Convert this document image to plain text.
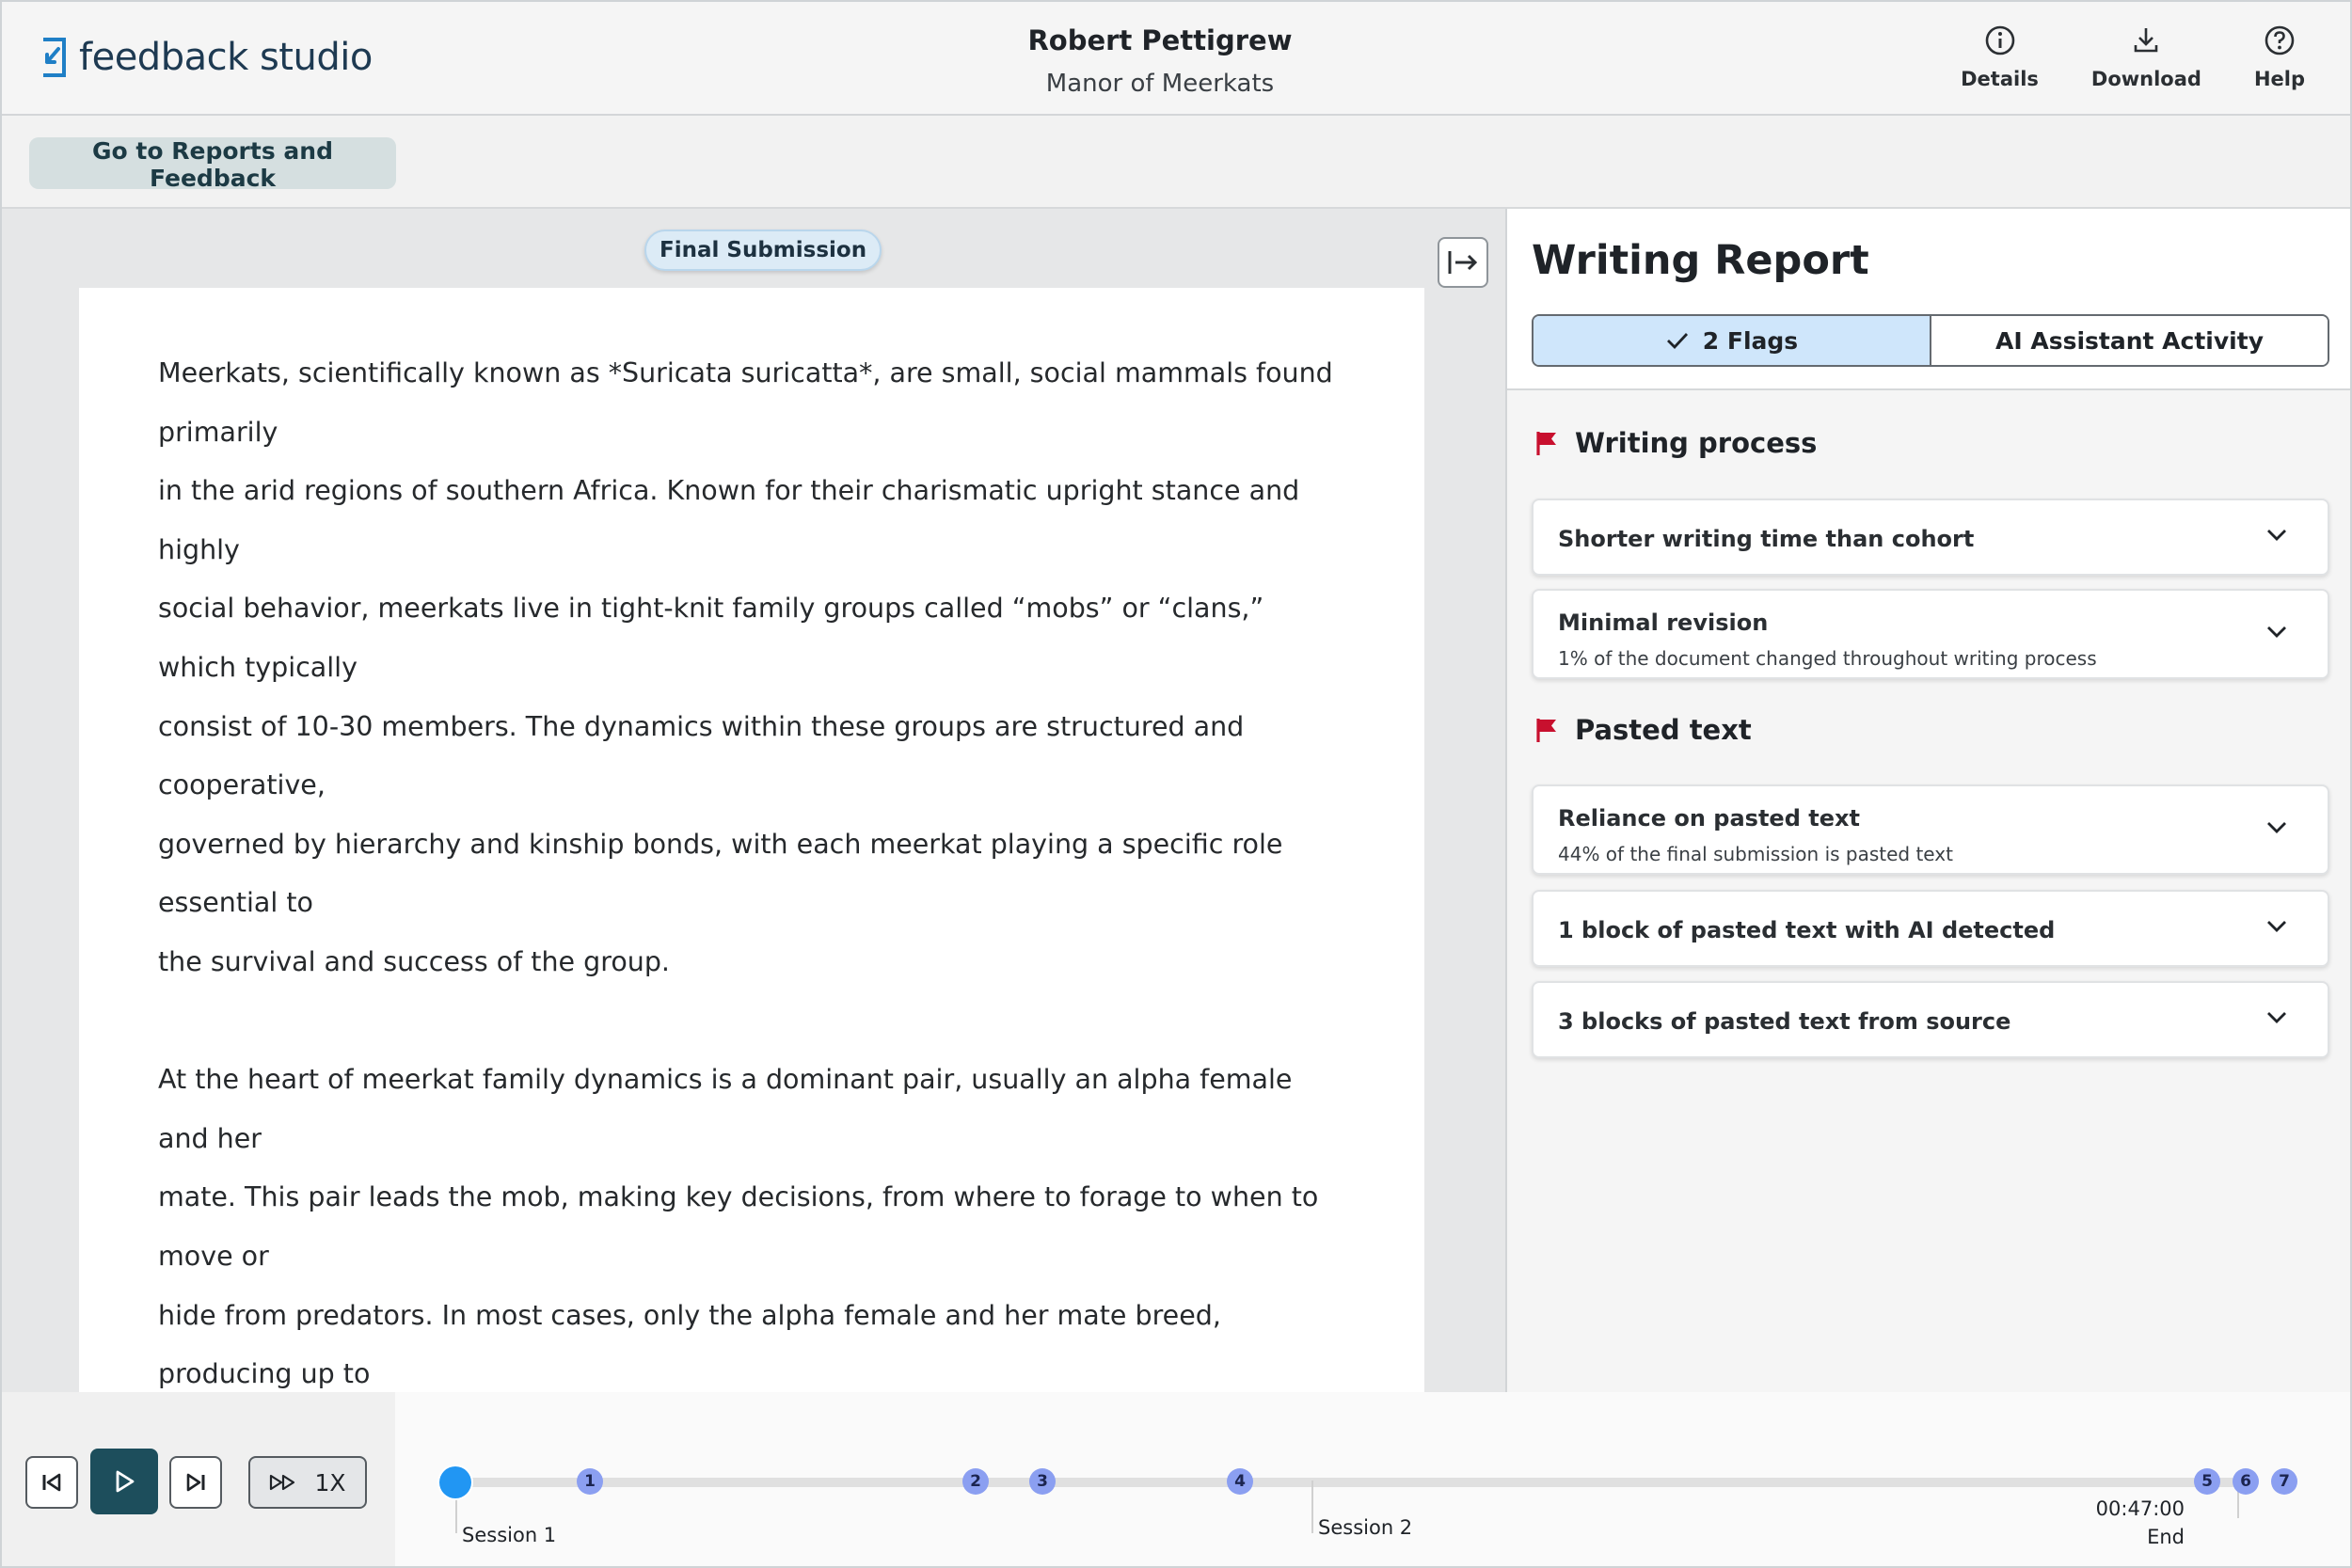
feedback studio	Robert Pettigrew
Manor of Meerkats	Details	Download	Help
Go to Reports and Feedback

Meerkats, scientifically known as *Suricata suricatta*, are small, social mammals found primarily
in the arid regions of southern Africa. Known for their charismatic upright stance and highly
social behavior, meerkats live in tight-knit family groups called “mobs” or “clans,” which typically
consist of 10-30 members. The dynamics within these groups are structured and cooperative,
governed by hierarchy and kinship bonds, with each meerkat playing a specific role essential to
the survival and success of the group.

At the heart of meerkat family dynamics is a dominant pair, usually an alpha female and her
mate. This pair leads the mob, making key decisions, from where to forage to when to move or
hide from predators. In most cases, only the alpha female and her mate breed, producing up to

Final Submission	Writing Report
2 Flags	AI Assistant Activity
Writing process
Shorter writing time than cohort
Minimal revision
1% of the document changed throughout writing process
Pasted text
Reliance on pasted text
44% of the final submission is pasted text
1 block of pasted text with AI detected
3 blocks of pasted text from source
1X	1	2	3	4	5	6	7
Session 1	Session 2
00:47:00
End
